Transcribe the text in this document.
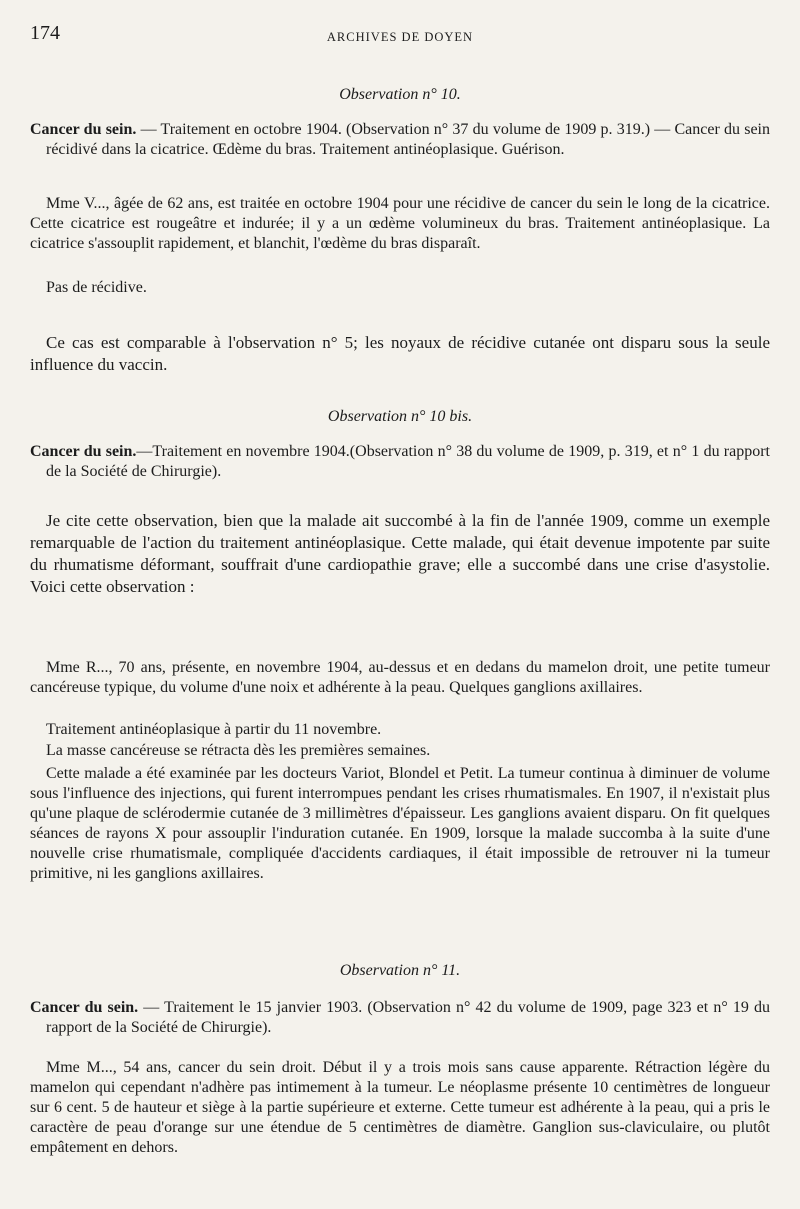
174	ARCHIVES DE DOYEN

Observation n° 10.

Cancer du sein. — Traitement en octobre 1904. (Observation n° 37 du volume de 1909 p. 319.) — Cancer du sein récidivé dans la cicatrice. Œdème du bras. Traitement antinéoplasique. Guérison.

Mme V..., âgée de 62 ans, est traitée en octobre 1904 pour une récidive de cancer du sein le long de la cicatrice. Cette cicatrice est rougeâtre et indurée; il y a un œdème volumineux du bras. Traitement antinéoplasique. La cicatrice s'assouplit rapidement, et blanchit, l'œdème du bras disparaît.

Pas de récidive.

Ce cas est comparable à l'observation n° 5; les noyaux de récidive cutanée ont disparu sous la seule influence du vaccin.

Observation n° 10 bis.

Cancer du sein.—Traitement en novembre 1904.(Observation n° 38 du volume de 1909, p. 319, et n° 1 du rapport de la Société de Chirurgie).

Je cite cette observation, bien que la malade ait succombé à la fin de l'année 1909, comme un exemple remarquable de l'action du traitement antinéoplasique. Cette malade, qui était devenue impotente par suite du rhumatisme déformant, souffrait d'une cardiopathie grave; elle a succombé dans une crise d'asystolie. Voici cette observation :

Mme R..., 70 ans, présente, en novembre 1904, au-dessus et en dedans du mamelon droit, une petite tumeur cancéreuse typique, du volume d'une noix et adhérente à la peau. Quelques ganglions axillaires.

Traitement antinéoplasique à partir du 11 novembre.

La masse cancéreuse se rétracta dès les premières semaines.

Cette malade a été examinée par les docteurs Variot, Blondel et Petit. La tumeur continua à diminuer de volume sous l'influence des injections, qui furent interrompues pendant les crises rhumatismales. En 1907, il n'existait plus qu'une plaque de sclérodermie cutanée de 3 millimètres d'épaisseur. Les ganglions avaient disparu. On fit quelques séances de rayons X pour assouplir l'induration cutanée. En 1909, lorsque la malade succomba à la suite d'une nouvelle crise rhumatismale, compliquée d'accidents cardiaques, il était impossible de retrouver ni la tumeur primitive, ni les ganglions axillaires.

Observation n° 11.

Cancer du sein. — Traitement le 15 janvier 1903. (Observation n° 42 du volume de 1909, page 323 et n° 19 du rapport de la Société de Chirurgie).

Mme M..., 54 ans, cancer du sein droit. Début il y a trois mois sans cause apparente. Rétraction légère du mamelon qui cependant n'adhère pas intimement à la tumeur. Le néoplasme présente 10 centimètres de longueur sur 6 cent. 5 de hauteur et siège à la partie supérieure et externe. Cette tumeur est adhérente à la peau, qui a pris le caractère de peau d'orange sur une étendue de 5 centimètres de diamètre. Ganglion sus-claviculaire, ou plutôt empâtement en dehors.
